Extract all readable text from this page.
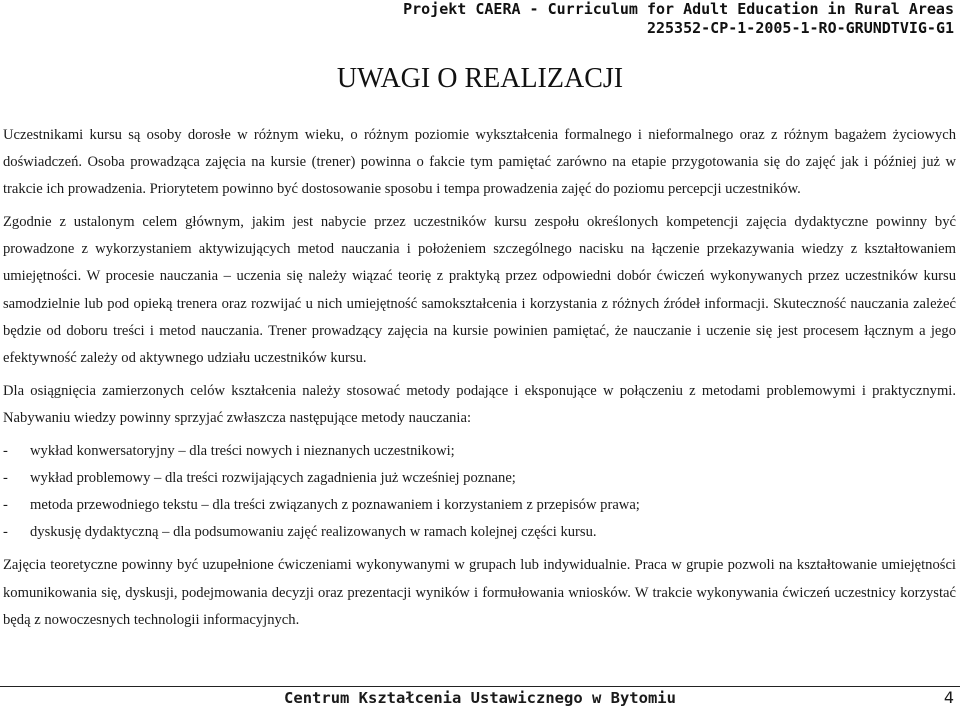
Projekt CAERA - Curriculum for Adult Education in Rural Areas
225352-CP-1-2005-1-RO-GRUNDTVIG-G1
UWAGI O REALIZACJI

Uczestnikami kursu są osoby dorosłe w różnym wieku, o różnym poziomie wykształcenia formalnego i nieformalnego oraz z różnym bagażem życiowych doświadczeń. Osoba prowadząca zajęcia na kursie (trener) powinna o fakcie tym pamiętać zarówno na etapie przygotowania się do zajęć jak i później już w trakcie ich prowadzenia. Priorytetem powinno być dostosowanie sposobu i tempa prowadzenia zajęć do poziomu percepcji uczestników.

Zgodnie z ustalonym celem głównym, jakim jest nabycie przez uczestników kursu zespołu określonych kompetencji zajęcia dydaktyczne powinny być prowadzone z wykorzystaniem aktywizujących metod nauczania i położeniem szczególnego nacisku na łączenie przekazywania wiedzy z kształtowaniem umiejętności. W procesie nauczania – uczenia się należy wiązać teorię z praktyką przez odpowiedni dobór ćwiczeń wykonywanych przez uczestników kursu samodzielnie lub pod opieką trenera oraz rozwijać u nich umiejętność samokształcenia i korzystania z różnych źródeł informacji. Skuteczność nauczania zależeć będzie od doboru treści i metod nauczania. Trener prowadzący zajęcia na kursie powinien pamiętać, że nauczanie i uczenie się jest procesem łącznym a jego efektywność zależy od aktywnego udziału uczestników kursu.

Dla osiągnięcia zamierzonych celów kształcenia należy stosować metody podające i eksponujące w połączeniu z metodami problemowymi i praktycznymi. Nabywaniu wiedzy powinny sprzyjać zwłaszcza następujące metody nauczania:

-	wykład konwersatoryjny – dla treści nowych i nieznanych uczestnikowi;
-	wykład problemowy – dla treści rozwijających zagadnienia już wcześniej poznane;
-	metoda przewodniego tekstu – dla treści związanych z poznawaniem i korzystaniem z przepisów prawa;
-	dyskusję dydaktyczną – dla podsumowaniu zajęć realizowanych w ramach kolejnej części kursu.

Zajęcia teoretyczne powinny być uzupełnione ćwiczeniami wykonywanymi w grupach lub indywidualnie. Praca w grupie pozwoli na kształtowanie umiejętności komunikowania się, dyskusji, podejmowania decyzji oraz prezentacji wyników i formułowania wniosków. W trakcie wykonywania ćwiczeń uczestnicy korzystać będą z nowoczesnych technologii informacyjnych.

Centrum Kształcenia Ustawicznego w Bytomiu	4
